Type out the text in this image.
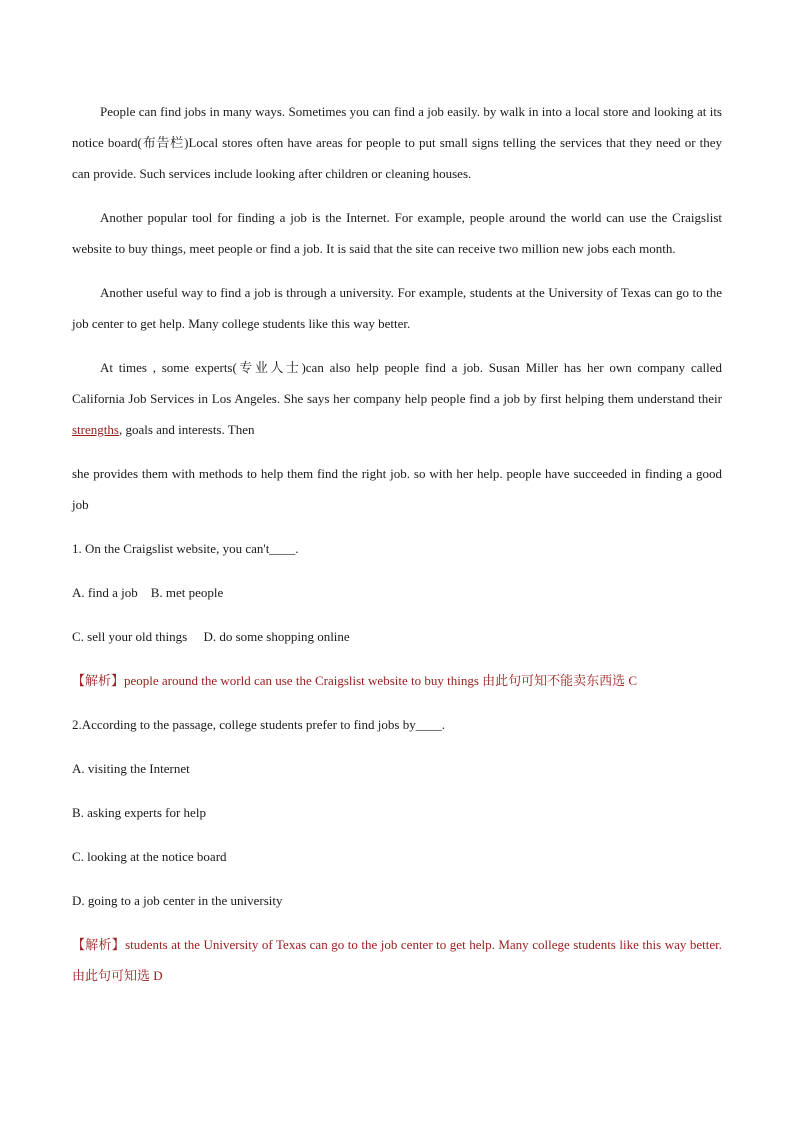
People can find jobs in many ways. Sometimes you can find a job easily. by walk in into a local store and looking at its notice board(布告栏)Local stores often have areas for people to put small signs telling the services that they need or they can provide. Such services include looking after children or cleaning houses.

Another popular tool for finding a job is the Internet. For example, people around the world can use the Craigslist website to buy things, meet people or find a job. It is said that the site can receive two million new jobs each month.

Another useful way to find a job is through a university. For example, students at the University of Texas can go to the job center to get help. Many college students like this way better.

At times , some experts(专业人士)can also help people find a job. Susan Miller has her own company called California Job Services in Los Angeles. She says her company help people find a job by first helping them understand their strengths, goals and interests. Then

she provides them with methods to help them find the right job. so with her help. people have succeeded in finding a good job

1. On the Craigslist website, you can't____.

A. find a job    B. met people

C. sell your old things     D. do some shopping online

【解析】people around the world can use the Craigslist website to buy things 由此句可知不能卖东西选 C

2.According to the passage, college students prefer to find jobs by____.

A. visiting the Internet

B. asking experts for help

C. looking at the notice board

D. going to a job center in the university

【解析】students at the University of Texas can go to the job center to get help. Many college students like this way better.由此句可知选 D
